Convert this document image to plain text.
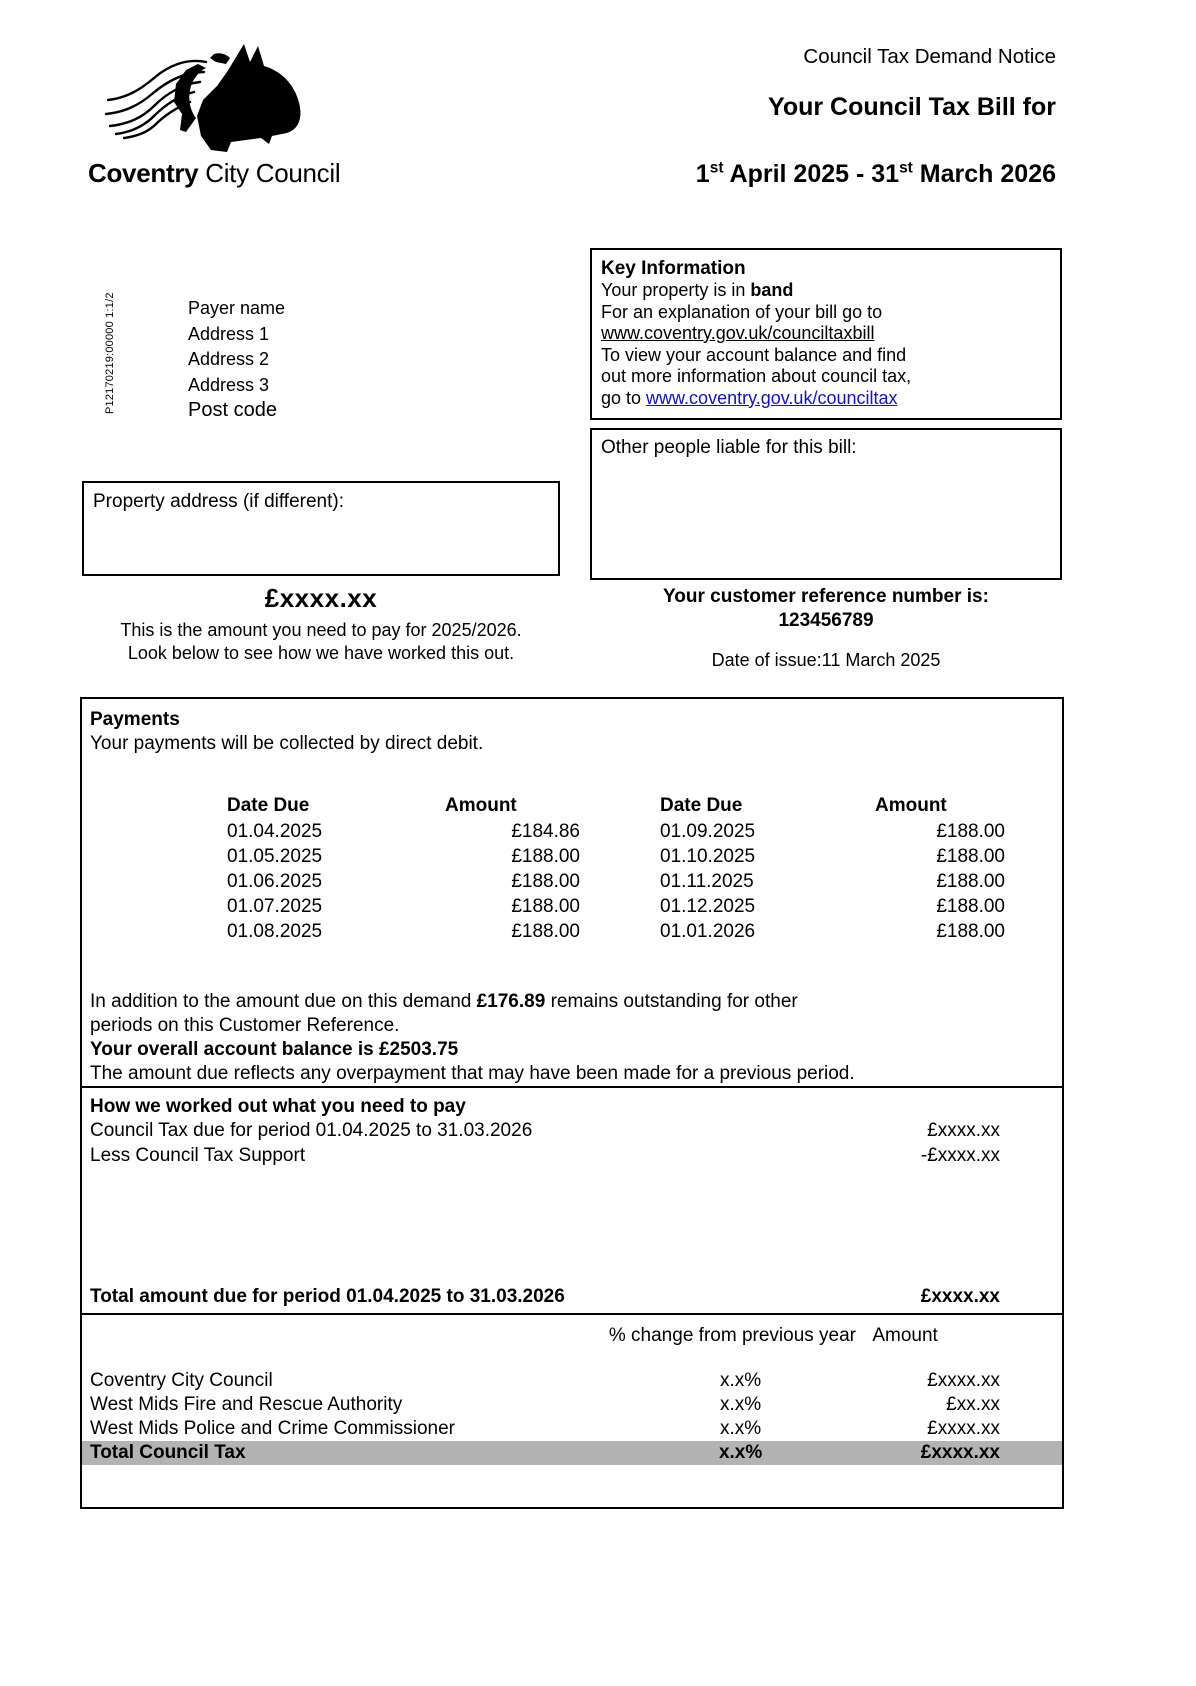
Coventry City Council
Council Tax Demand Notice
Your Council Tax Bill for
1st April 2025 - 31st March 2026
P12170219:00000 1:1/2	Payer name
Address 1
Address 2
Address 3
Post code
Property address (if different):
£xxxx.xx
This is the amount you need to pay for 2025/2026.
Look below to see how we have worked this out.
Key Information
Your property is in band
For an explanation of your bill go to
www.coventry.gov.uk/counciltaxbill
To view your account balance and find
out more information about council tax,
go to www.coventry.gov.uk/counciltax
Other people liable for this bill:
Your customer reference number is:
123456789
Date of issue:11 March 2025
Payments
Your payments will be collected by direct debit.
Date Due	Amount		Date Due	Amount
01.04.2025	£184.86		01.09.2025	£188.00
01.05.2025	£188.00		01.10.2025	£188.00
01.06.2025	£188.00		01.11.2025	£188.00
01.07.2025	£188.00		01.12.2025	£188.00
01.08.2025	£188.00		01.01.2026	£188.00
In addition to the amount due on this demand £176.89 remains outstanding for other
periods on this Customer Reference.
Your overall account balance is £2503.75
The amount due reflects any overpayment that may have been made for a previous period.
How we worked out what you need to pay
Council Tax due for period 01.04.2025 to 31.03.2026	£xxxx.xx
Less Council Tax Support	-£xxxx.xx
Total amount due for period 01.04.2025 to 31.03.2026	£xxxx.xx
	% change from previous year	Amount
Coventry City Council	x.x%	£xxxx.xx
West Mids Fire and Rescue Authority	x.x%	£xx.xx
West Mids Police and Crime Commissioner	x.x%	£xxxx.xx
Total Council Tax	x.x%	£xxxx.xx
